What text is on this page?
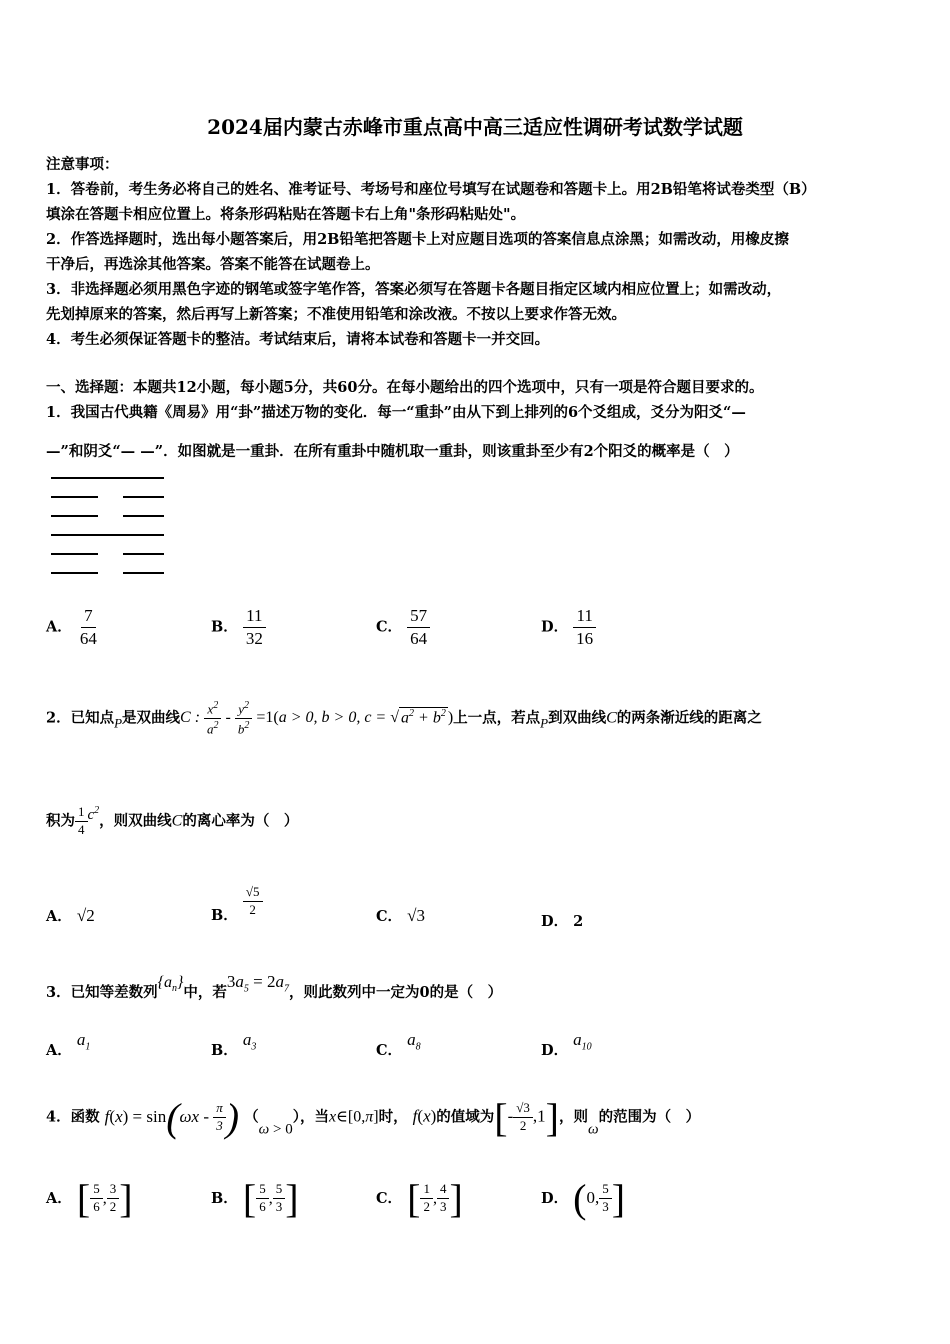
2024届内蒙古赤峰市重点高中高三适应性调研考试数学试题
注意事项：
1．答卷前，考生务必将自己的姓名、准考证号、考场号和座位号填写在试题卷和答题卡上。用2B铅笔将试卷类型（B）
填涂在答题卡相应位置上。将条形码粘贴在答题卡右上角"条形码粘贴处"。
2．作答选择题时，选出每小题答案后，用2B铅笔把答题卡上对应题目选项的答案信息点涂黑；如需改动，用橡皮擦
干净后，再选涂其他答案。答案不能答在试题卷上。
3．非选择题必须用黑色字迹的钢笔或签字笔作答，答案必须写在答题卡各题目指定区域内相应位置上；如需改动，
先划掉原来的答案，然后再写上新答案；不准使用铅笔和涂改液。不按以上要求作答无效。
4．考生必须保证答题卡的整洁。考试结束后，请将本试卷和答题卡一并交回。
一、选择题：本题共12小题，每小题5分，共60分。在每小题给出的四个选项中，只有一项是符合题目要求的。
1．我国古代典籍《周易》用“卦”描述万物的变化．每一“重卦”由从下到上排列的6个爻组成，爻分为阳爻“—
—”和阴爻“— —”．如图就是一重卦．在所有重卦中随机取一重卦，则该重卦至少有2个阳爻的概率是（　）
A． $\frac{7}{64}$	B． $\frac{11}{32}$	C． $\frac{57}{64}$	D． $\frac{11}{16}$
2．已知点P是双曲线C : $\frac{x^2}{a^2} - \frac{y^2}{b^2} =1(a > 0$, b > 0, c = √ $a^2 + b^2$ )上一点，若点P到双曲线C的两条渐近线的距离之
积为 $\frac{1}{4} c^2$，则双曲线C的离心率为（　）
A． √2	B． $\frac{√5}{2}$	C． √3	D． 2
3．已知等差数列$\{a_n\}$中，若$3a_5 = 2a_7$，则此数列中一定为0的是（　）
A． $a_1$	B． $a_3$	C． $a_8$	D． $a_{10}$
4．函数 $f(x) = \sin(\omega x - \frac{\pi}{3}$ ) （ω > 0），当x∈[0,π]时， f(x)的值域为[- $\frac{√3}{2} ,1$]，则ω的范围为（　）
A． [ $\frac{5}{6}$ , $\frac{3}{2}$ ]	B． [ $\frac{5}{6}$ , $\frac{5}{3}$ ]	C． [ $\frac{1}{2}$ , $\frac{4}{3}$ ]	D． (0, $\frac{5}{3}$ ]
